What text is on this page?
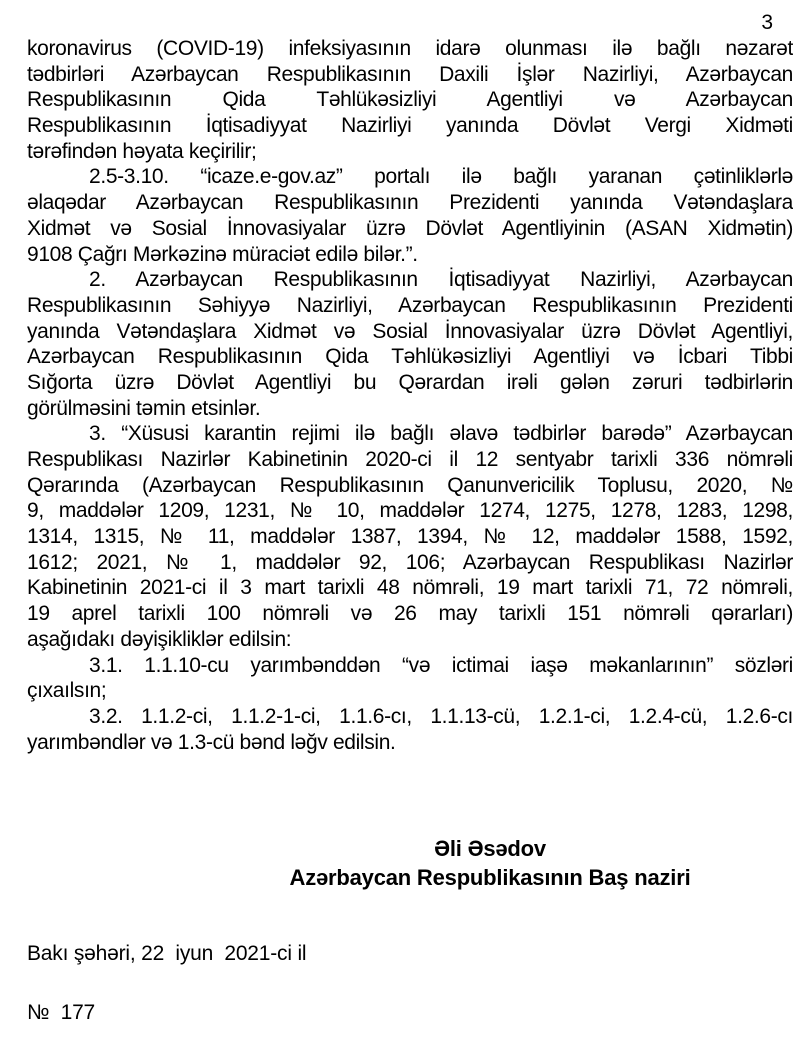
3
koronavirus (COVID-19) infeksiyasının idarə olunması ilə bağlı nəzarət
tədbirləri Azərbaycan Respublikasının Daxili İşlər Nazirliyi, Azərbaycan
Respublikasının Qida Təhlükəsizliyi Agentliyi və Azərbaycan
Respublikasının İqtisadiyyat Nazirliyi yanında Dövlət Vergi Xidməti
tərəfindən həyata keçirilir;
2.5-3.10. “icaze.e-gov.az” portalı ilə bağlı yaranan çətinliklərlə
əlaqədar Azərbaycan Respublikasının Prezidenti yanında Vətəndaşlara
Xidmət və Sosial İnnovasiyalar üzrə Dövlət Agentliyinin (ASAN Xidmətin)
9108 Çağrı Mərkəzinə müraciət edilə bilər.”.
2. Azərbaycan Respublikasının İqtisadiyyat Nazirliyi, Azərbaycan
Respublikasının Səhiyyə Nazirliyi, Azərbaycan Respublikasının Prezidenti
yanında Vətəndaşlara Xidmət və Sosial İnnovasiyalar üzrə Dövlət Agentliyi,
Azərbaycan Respublikasının Qida Təhlükəsizliyi Agentliyi və İcbari Tibbi
Sığorta üzrə Dövlət Agentliyi bu Qərardan irəli gələn zəruri tədbirlərin
görülməsini təmin etsinlər.
3. “Xüsusi karantin rejimi ilə bağlı əlavə tədbirlər barədə” Azərbaycan
Respublikası Nazirlər Kabinetinin 2020-ci il 12 sentyabr tarixli 336 nömrəli
Qərarında (Azərbaycan Respublikasının Qanunvericilik Toplusu, 2020, №
9, maddələr 1209, 1231, № 10, maddələr 1274, 1275, 1278, 1283, 1298,
1314, 1315, № 11, maddələr 1387, 1394, № 12, maddələr 1588, 1592,
1612; 2021, № 1, maddələr 92, 106; Azərbaycan Respublikası Nazirlər
Kabinetinin 2021-ci il 3 mart tarixli 48 nömrəli, 19 mart tarixli 71, 72 nömrəli,
19 aprel tarixli 100 nömrəli və 26 may tarixli 151 nömrəli qərarları)
aşağıdakı dəyişikliklər edilsin:
3.1. 1.1.10-cu yarımbənddən “və ictimai iaşə məkanlarının” sözləri
çıxaılsın;
3.2. 1.1.2-ci, 1.1.2-1-ci, 1.1.6-cı, 1.1.13-cü, 1.2.1-ci, 1.2.4-cü, 1.2.6-cı
yarımbəndlər və 1.3-cü bənd ləğv edilsin.
Əli Əsədov
Azərbaycan Respublikasının Baş naziri
Bakı şəhəri, 22  iyun  2021-ci il
№  177
